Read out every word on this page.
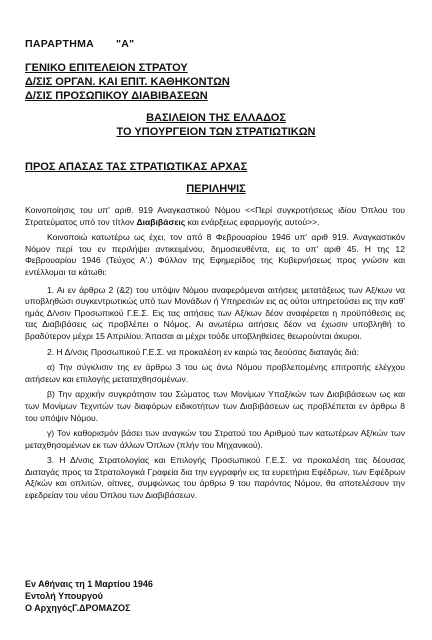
ΠΑΡΑΡΤΗΜΑ "Α"
ΓΕΝΙΚΟ ΕΠΙΤΕΛΕΙΟΝ ΣΤΡΑΤΟΥ
Δ/ΣΙΣ ΟΡΓΑΝ. ΚΑΙ ΕΠΙΤ. ΚΑΘΗΚΟΝΤΩΝ
Δ/ΣΙΣ ΠΡΟΣΩΠΙΚΟΥ ΔΙΑΒΙΒΑΣΕΩΝ
ΒΑΣΙΛΕΙΟΝ ΤΗΣ ΕΛΛΑΔΟΣ
ΤΟ ΥΠΟΥΡΓΕΙΟΝ ΤΩΝ ΣΤΡΑΤΙΩΤΙΚΩΝ
ΠΡΟΣ ΑΠΑΣΑΣ ΤΑΣ ΣΤΡΑΤΙΩΤΙΚΑΣ ΑΡΧΑΣ
ΠΕΡΙΛΗΨΙΣ

Κοινοποίησις του υπ' αριθ. 919 Αναγκαστικού Νόμου <<Περί συγκροτήσεως ιδίου Όπλου του Στρατεύματος υπό τον τίτλον Διαβιβάσεις και ενάρξεως εφαρμογής αυτού>>.

Κοινοποιώ κατωτέρω ως έχει, τον από 8 Φεβρουαρίου 1946 υπ' αριθ 919. Αναγκαστικόν Νόμον περί του εν περιλήψει αντικειμένου, δημοσιευθέντα, εις το υπ' αριθ 45. Η της 12 Φεβρουαρίου 1946 (Τεύχος Α'.) Φύλλον της Εφημερίδος της Κυβερνήσεως προς γνώσιν και εντέλλομαι τα κάτωθι:

1. Αι εν άρθρω 2 (&2) του υπόψιν Νόμου αναφερόμεναι αιτήσεις μετατάξεως των Αξ/κων να υποβληθώσι συγκεντρωτικώς υπό των Μονάδων ή Υπηρεσιών εις ας ούτοι υπηρετούσει εις την καθ' ημάς Δ/νσιν Προσωπικού Γ.Ε.Σ. Εις τας αιτήσεις των Αξ/κων δέον αναφέρεται η προϋπόθεσις εις τας Διαβιβάσεις ως προβλέπει ο Νόμος. Αι ανωτέρω αιτήσεις δέον να έχωσιν υποβληθή το βραδύτερον μέχρι 15 Απριλίου. Άπασαι αι μέχρι τούδε υποβληθείσες θεωρούνται άκυροι.

2. Η Δ/νσις Προσωπικού Γ.Ε.Σ. να προκαλέση εν καιρώ τας δεούσας διαταγάς διά:

α) Την σύγκλισιν της εν άρθρω 3 του ως άνω Νόμου προβλεπομένης επιτροπής ελέγχου αιτήσεων και επιλογής μεταταχθησομένων.

β) Την αρχικήν συγκρότησιν του Σώματος των Μονίμων Υπαξ/κών των Διαβιβάσεων ως και των Μονίμων Τεχνιτών των διαφόρων ειδικοτήτων των Διαβιβάσεων ως προβλέπεται εν άρθρω 8 του υπόψιν Νόμου.

γ) Τον καθορισμόν βάσει των αναγκών του Στρατού του Αριθμού των κατωτέρων Αξ/κών των μεταχθησομένων εκ των άλλων Όπλων (πλήν του Μηχανικού).

3. Η Δ/νσις Στρατολογίας και Επιλογής Προσωπικού Γ.Ε.Σ. να προκαλέση τας δέουσας Διαταγάς προς τα Στρατολογικά Γραφεία δια την εγγραφήν εις τα ευρετήρια Εφέδρων, των Εφέδρων Αξ/κών και οπλιτών, οίτινες, συμφώνως του άρθρω 9 του παρόντος Νόμου, θα αποτελέσουν την εφεδρείαν του νέου Όπλου των Διαβιβάσεων.

Εν Αθήναις τη 1 Μαρτίου 1946
Εντολή Υπουργού
Ο ΑρχηγόςΓ.ΔΡΟΜΑΖΟΣ
